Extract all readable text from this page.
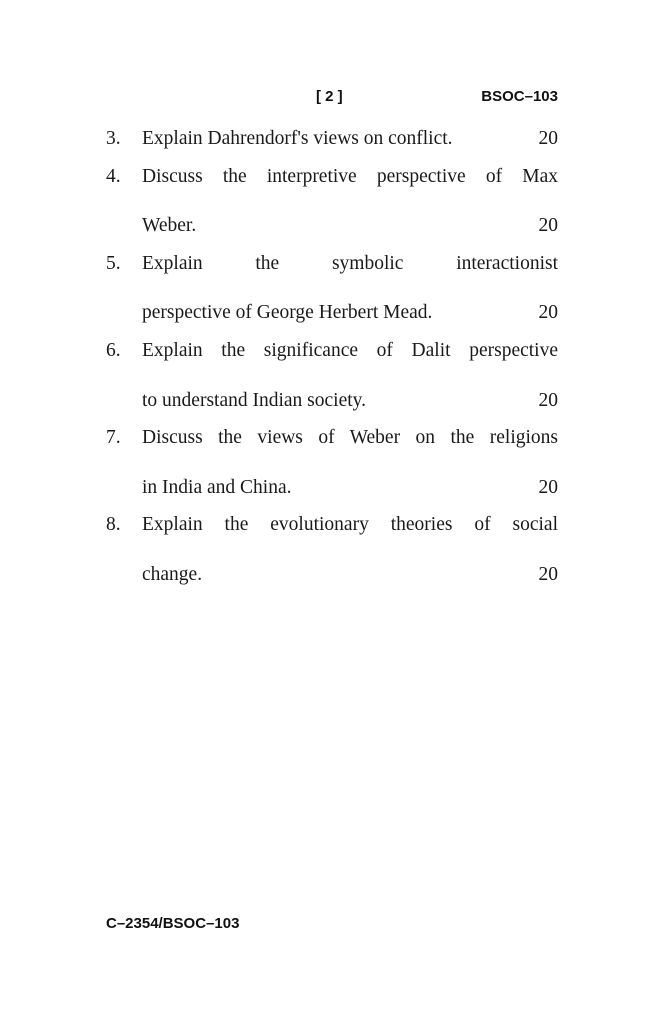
[ 2 ]	BSOC–103
3.	Explain Dahrendorf's views on conflict.	20
4.	Discuss the interpretive perspective of Max
Weber.	20
5.	Explain the symbolic interactionist
perspective of George Herbert Mead.	20
6.	Explain the significance of Dalit perspective
to understand Indian society.	20
7.	Discuss the views of Weber on the religions
in India and China.	20
8.	Explain the evolutionary theories of social
change.	20
C–2354/BSOC–103
